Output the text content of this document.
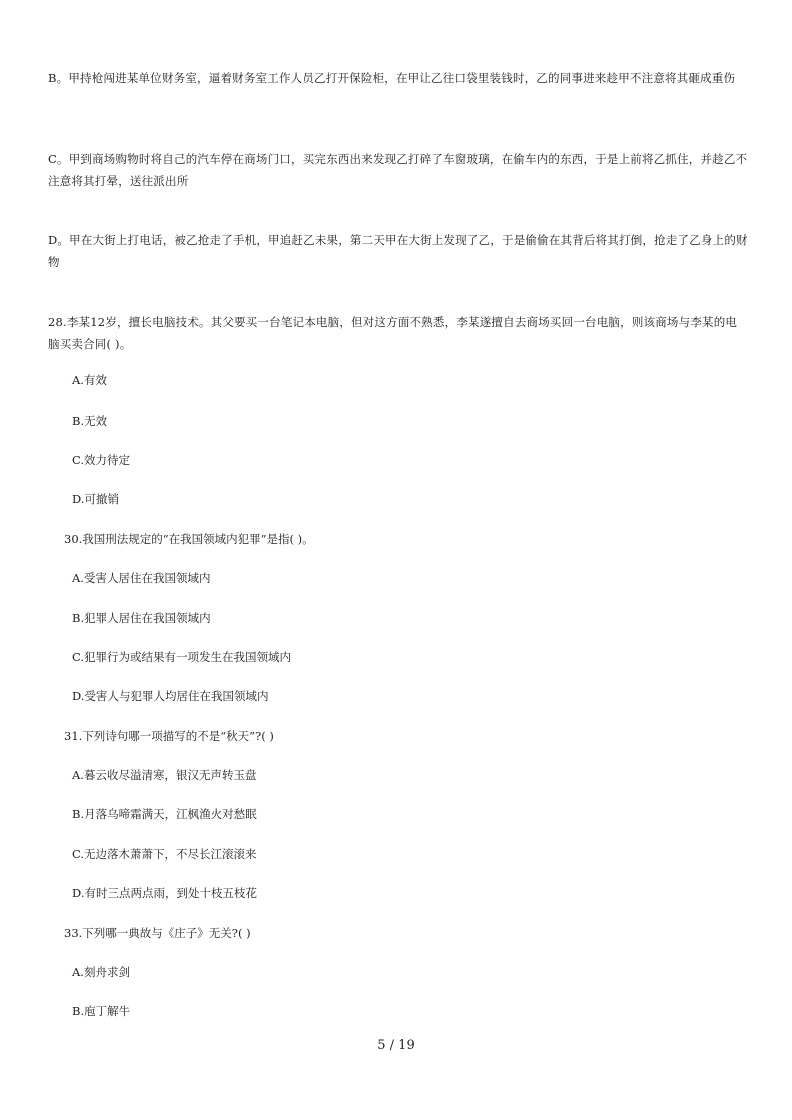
B。甲持枪闯进某单位财务室，逼着财务室工作人员乙打开保险柜，在甲让乙往口袋里装钱时，乙的同事进来趁甲不注意将其砸成重伤

C。甲到商场购物时将自己的汽车停在商场门口，买完东西出来发现乙打碎了车窗玻璃，在偷车内的东西，于是上前将乙抓住，并趁乙不注意将其打晕，送往派出所

D。甲在大街上打电话，被乙抢走了手机，甲追赶乙未果，第二天甲在大街上发现了乙，于是偷偷在其背后将其打倒，抢走了乙身上的财物

28.李某12岁，擅长电脑技术。其父要买一台笔记本电脑，但对这方面不熟悉，李某遂擅自去商场买回一台电脑，则该商场与李某的电脑买卖合同( )。

A.有效

B.无效

C.效力待定

D.可撤销

30.我国刑法规定的“在我国领域内犯罪”是指( )。

A.受害人居住在我国领域内

B.犯罪人居住在我国领域内

C.犯罪行为或结果有一项发生在我国领域内

D.受害人与犯罪人均居住在我国领域内

31.下列诗句哪一项描写的不是“秋天”?( )

A.暮云收尽溢清寒，银汉无声转玉盘

B.月落乌啼霜满天，江枫渔火对愁眠

C.无边落木萧萧下，不尽长江滚滚来

D.有时三点两点雨，到处十枝五枝花

33.下列哪一典故与《庄子》无关?( )

A.刻舟求剑

B.庖丁解牛

5 / 19
